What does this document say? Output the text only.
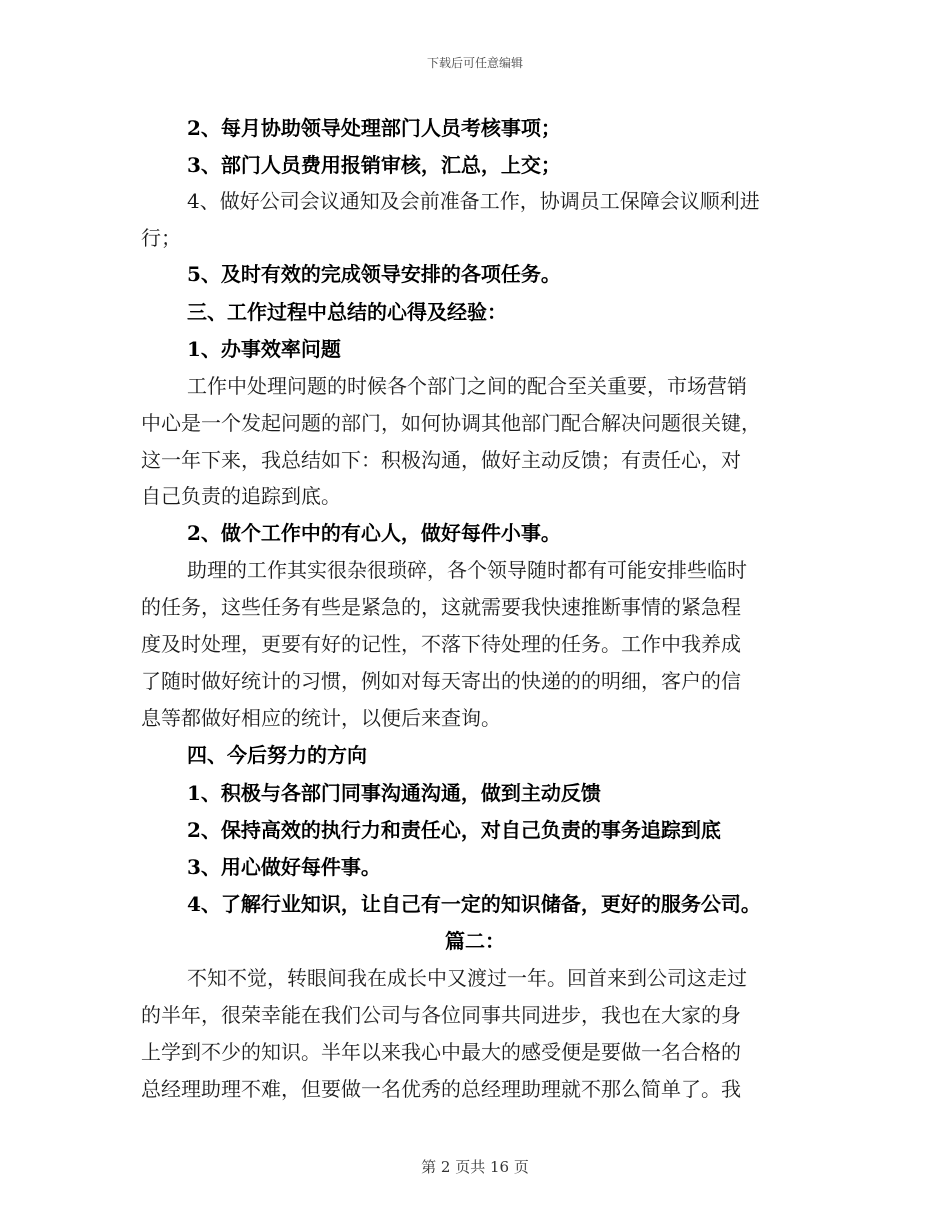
下载后可任意编辑
2、每月协助领导处理部门人员考核事项；
3、部门人员费用报销审核，汇总，上交；
4、做好公司会议通知及会前准备工作，协调员工保障会议顺利进
行；
5、及时有效的完成领导安排的各项任务。
三、工作过程中总结的心得及经验：
1、办事效率问题
工作中处理问题的时候各个部门之间的配合至关重要，市场营销
中心是一个发起问题的部门，如何协调其他部门配合解决问题很关键，
这一年下来，我总结如下：积极沟通，做好主动反馈；有责任心，对
自己负责的追踪到底。
2、做个工作中的有心人，做好每件小事。
助理的工作其实很杂很琐碎，各个领导随时都有可能安排些临时
的任务，这些任务有些是紧急的，这就需要我快速推断事情的紧急程
度及时处理，更要有好的记性，不落下待处理的任务。工作中我养成
了随时做好统计的习惯，例如对每天寄出的快递的的明细，客户的信
息等都做好相应的统计，以便后来查询。
四、今后努力的方向
1、积极与各部门同事沟通沟通，做到主动反馈
2、保持高效的执行力和责任心，对自己负责的事务追踪到底
3、用心做好每件事。
4、了解行业知识，让自己有一定的知识储备，更好的服务公司。
篇二：
不知不觉，转眼间我在成长中又渡过一年。回首来到公司这走过
的半年，很荣幸能在我们公司与各位同事共同进步，我也在大家的身
上学到不少的知识。半年以来我心中最大的感受便是要做一名合格的
总经理助理不难，但要做一名优秀的总经理助理就不那么简单了。我
第 2 页共 16 页
